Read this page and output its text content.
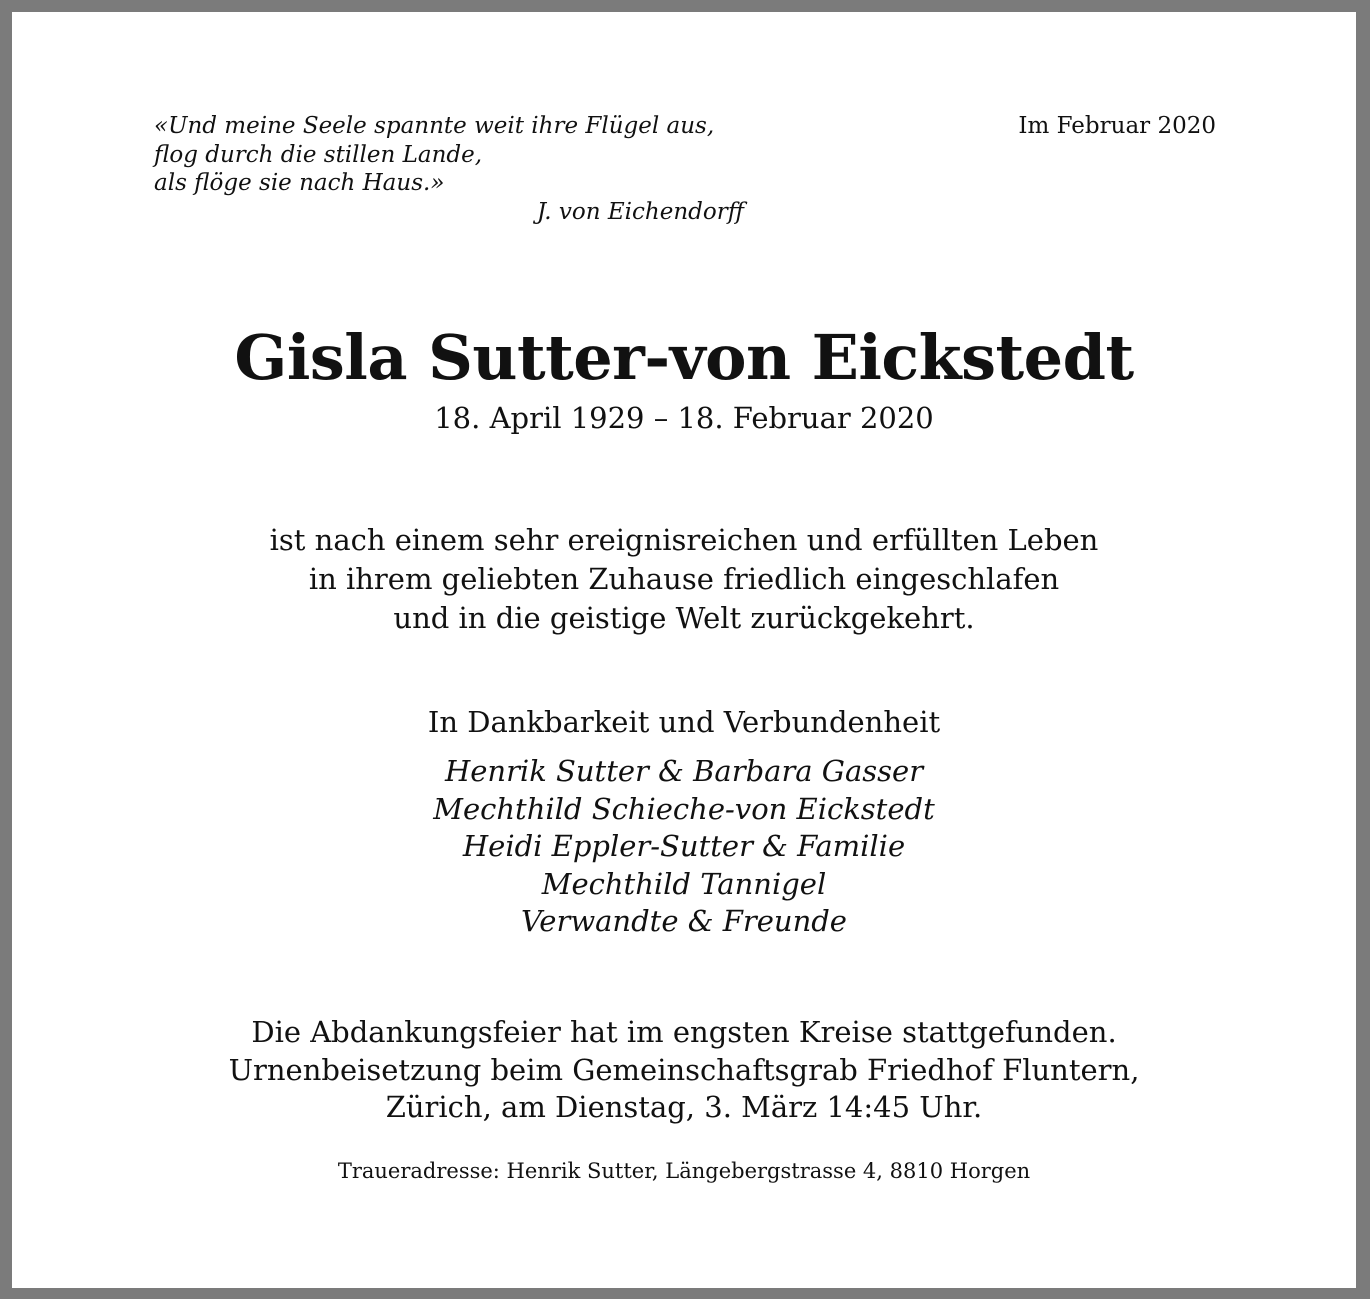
«Und meine Seele spannte weit ihre Flügel aus,
flog durch die stillen Lande,
als flöge sie nach Haus.»
J. von Eichendorff
Im Februar 2020
Gisla Sutter-von Eickstedt
18. April 1929 – 18. Februar 2020
ist nach einem sehr ereignisreichen und erfüllten Leben
in ihrem geliebten Zuhause friedlich eingeschlafen
und in die geistige Welt zurückgekehrt.
In Dankbarkeit und Verbundenheit
Henrik Sutter & Barbara Gasser
Mechthild Schieche-von Eickstedt
Heidi Eppler-Sutter & Familie
Mechthild Tannigel
Verwandte & Freunde
Die Abdankungsfeier hat im engsten Kreise stattgefunden.
Urnenbeisetzung beim Gemeinschaftsgrab Friedhof Fluntern,
Zürich, am Dienstag, 3. März 14:45 Uhr.
Traueradresse: Henrik Sutter, Längebergstrasse 4, 8810 Horgen
